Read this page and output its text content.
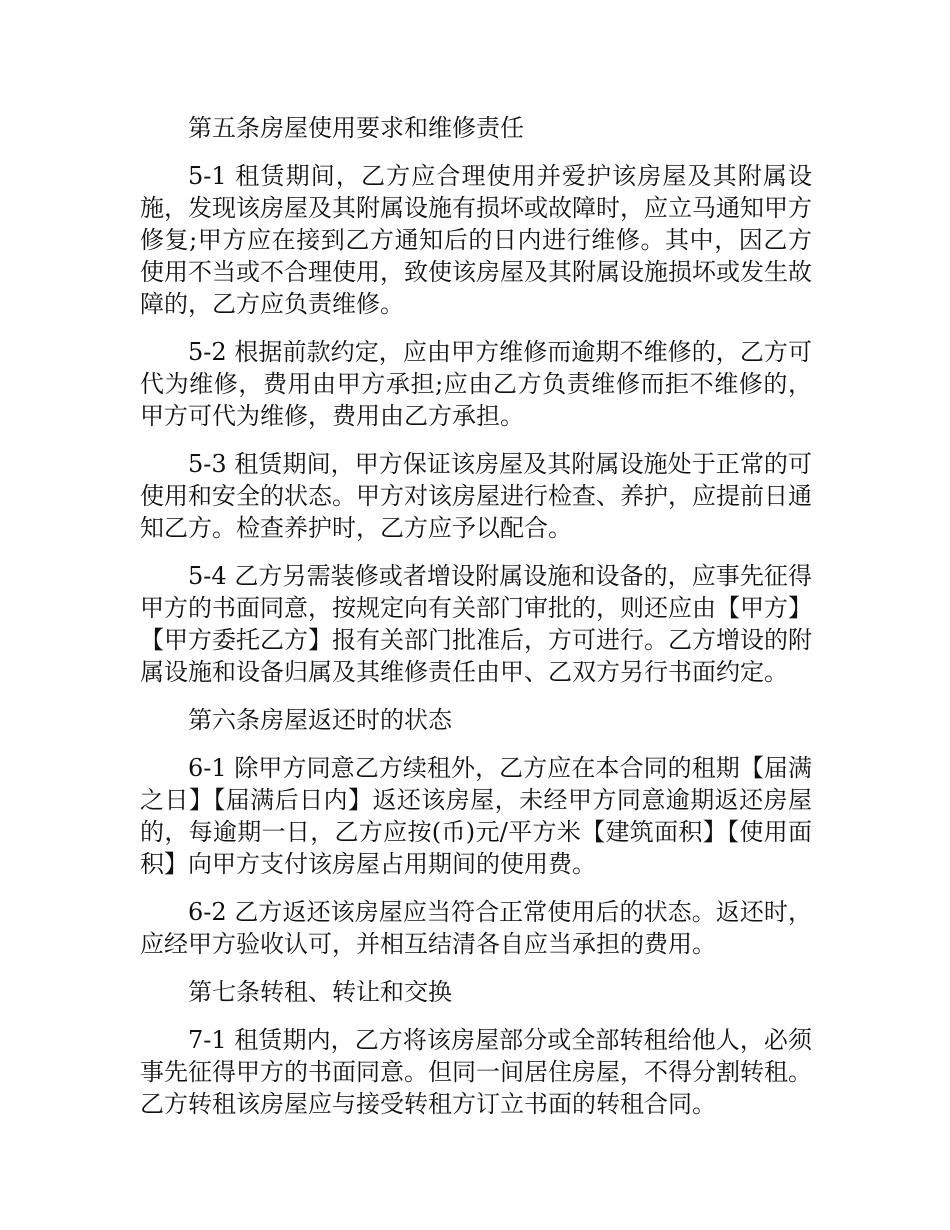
第五条房屋使用要求和维修责任

5-1 租赁期间，乙方应合理使用并爱护该房屋及其附属设施，发现该房屋及其附属设施有损坏或故障时，应立马通知甲方修复;甲方应在接到乙方通知后的日内进行维修。其中，因乙方使用不当或不合理使用，致使该房屋及其附属设施损坏或发生故障的，乙方应负责维修。

5-2 根据前款约定，应由甲方维修而逾期不维修的，乙方可代为维修，费用由甲方承担;应由乙方负责维修而拒不维修的，甲方可代为维修，费用由乙方承担。

5-3 租赁期间，甲方保证该房屋及其附属设施处于正常的可使用和安全的状态。甲方对该房屋进行检查、养护，应提前日通知乙方。检查养护时，乙方应予以配合。

5-4 乙方另需装修或者增设附属设施和设备的，应事先征得甲方的书面同意，按规定向有关部门审批的，则还应由【甲方】【甲方委托乙方】报有关部门批准后，方可进行。乙方增设的附属设施和设备归属及其维修责任由甲、乙双方另行书面约定。

第六条房屋返还时的状态

6-1 除甲方同意乙方续租外，乙方应在本合同的租期【届满之日】【届满后日内】返还该房屋，未经甲方同意逾期返还房屋的，每逾期一日，乙方应按(币)元/平方米【建筑面积】【使用面积】向甲方支付该房屋占用期间的使用费。

6-2 乙方返还该房屋应当符合正常使用后的状态。返还时，应经甲方验收认可，并相互结清各自应当承担的费用。

第七条转租、转让和交换

7-1 租赁期内，乙方将该房屋部分或全部转租给他人，必须事先征得甲方的书面同意。但同一间居住房屋，不得分割转租。乙方转租该房屋应与接受转租方订立书面的转租合同。
